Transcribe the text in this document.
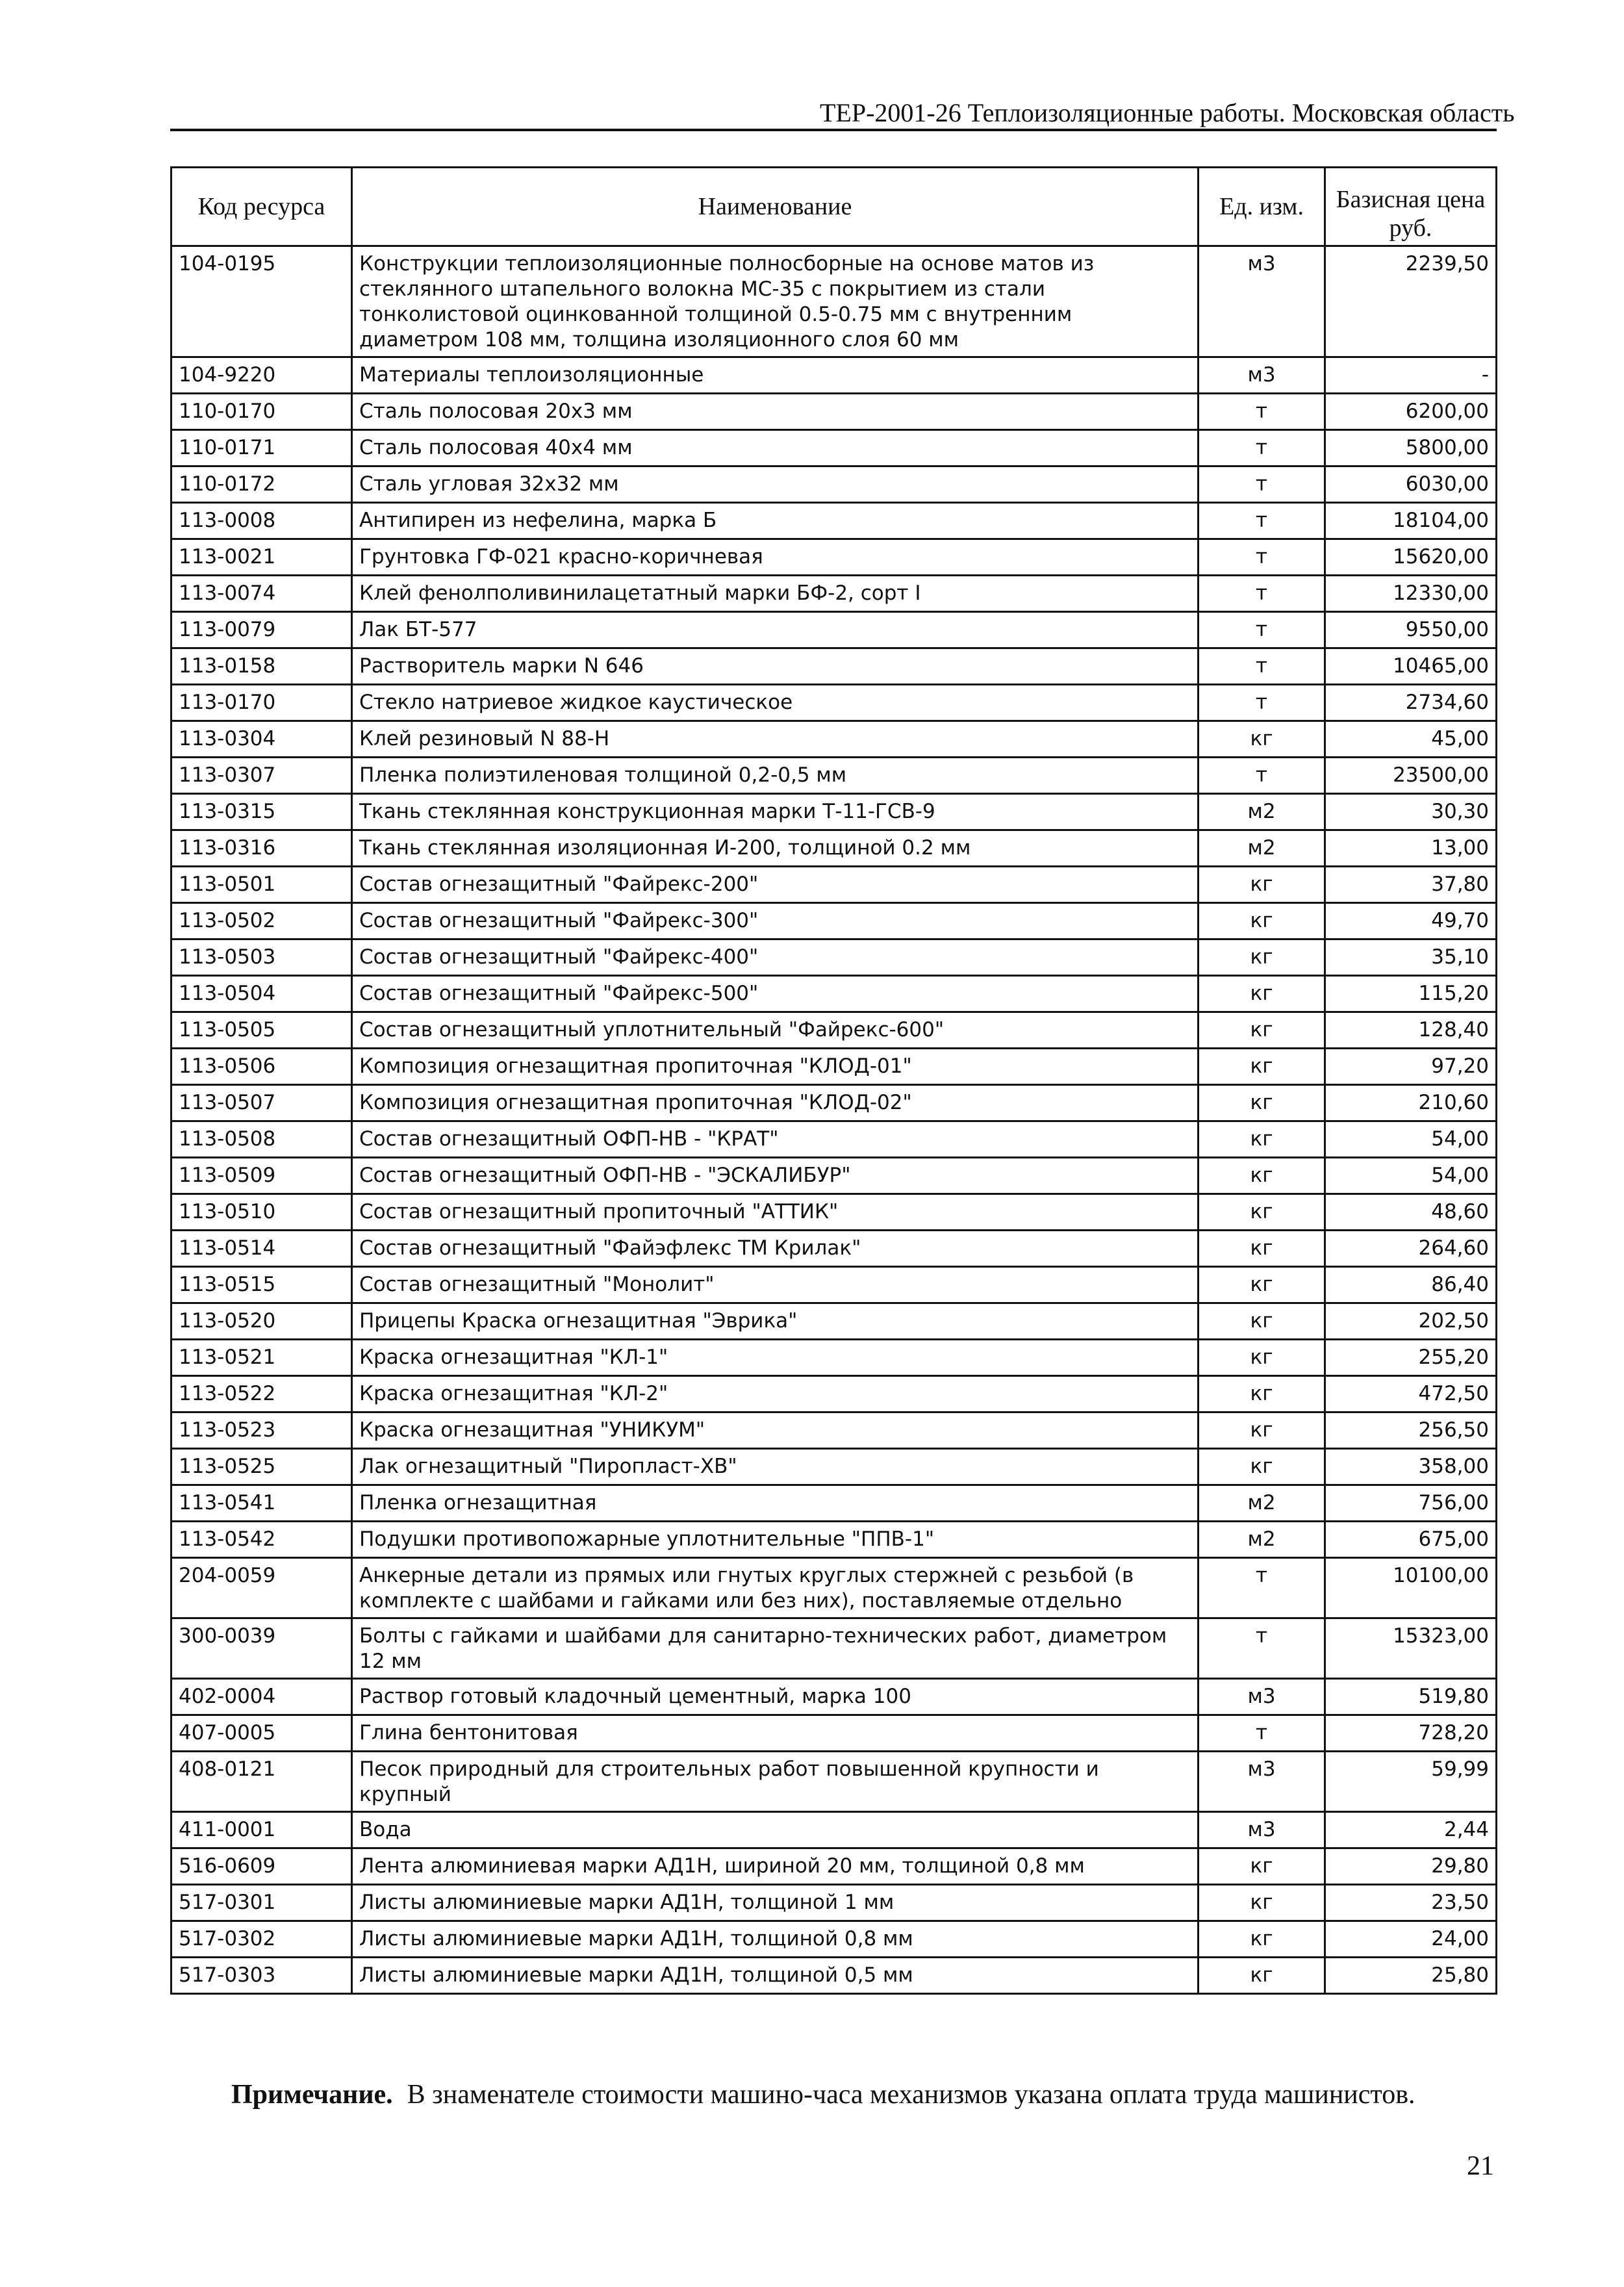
ТЕР-2001-26 Теплоизоляционные работы. Московская область
Код ресурса	Наименование	Ед. изм.	Базисная цена руб.
104-0195	Конструкции теплоизоляционные полносборные на основе матов из стеклянного штапельного волокна МС-35 с покрытием из стали тонколистовой оцинкованной толщиной 0.5-0.75 мм с внутренним диаметром 108 мм, толщина изоляционного слоя 60 мм	м3	2239,50
104-9220	Материалы теплоизоляционные	м3	-
110-0170	Сталь полосовая 20х3 мм	т	6200,00
110-0171	Сталь полосовая 40х4 мм	т	5800,00
110-0172	Сталь угловая 32х32 мм	т	6030,00
113-0008	Антипирен из нефелина, марка Б	т	18104,00
113-0021	Грунтовка ГФ-021 красно-коричневая	т	15620,00
113-0074	Клей фенолполивинилацетатный марки БФ-2, сорт I	т	12330,00
113-0079	Лак БТ-577	т	9550,00
113-0158	Растворитель марки N 646	т	10465,00
113-0170	Стекло натриевое жидкое каустическое	т	2734,60
113-0304	Клей резиновый N 88-Н	кг	45,00
113-0307	Пленка полиэтиленовая толщиной 0,2-0,5 мм	т	23500,00
113-0315	Ткань стеклянная конструкционная марки Т-11-ГСВ-9	м2	30,30
113-0316	Ткань стеклянная изоляционная И-200, толщиной 0.2 мм	м2	13,00
113-0501	Состав огнезащитный "Файрекс-200"	кг	37,80
113-0502	Состав огнезащитный "Файрекс-300"	кг	49,70
113-0503	Состав огнезащитный "Файрекс-400"	кг	35,10
113-0504	Состав огнезащитный "Файрекс-500"	кг	115,20
113-0505	Состав огнезащитный уплотнительный "Файрекс-600"	кг	128,40
113-0506	Композиция огнезащитная пропиточная "КЛОД-01"	кг	97,20
113-0507	Композиция огнезащитная пропиточная "КЛОД-02"	кг	210,60
113-0508	Состав огнезащитный ОФП-НВ - "КРАТ"	кг	54,00
113-0509	Состав огнезащитный ОФП-НВ - "ЭСКАЛИБУР"	кг	54,00
113-0510	Состав огнезащитный пропиточный "АТТИК"	кг	48,60
113-0514	Состав огнезащитный "Файэфлекс ТМ Крилак"	кг	264,60
113-0515	Состав огнезащитный "Монолит"	кг	86,40
113-0520	Прицепы Краска огнезащитная "Эврика"	кг	202,50
113-0521	Краска огнезащитная "КЛ-1"	кг	255,20
113-0522	Краска огнезащитная "КЛ-2"	кг	472,50
113-0523	Краска огнезащитная "УНИКУМ"	кг	256,50
113-0525	Лак огнезащитный "Пиропласт-ХВ"	кг	358,00
113-0541	Пленка огнезащитная	м2	756,00
113-0542	Подушки противопожарные уплотнительные "ППВ-1"	м2	675,00
204-0059	Анкерные детали из прямых или гнутых круглых стержней с резьбой (в комплекте с шайбами и гайками или без них), поставляемые отдельно	т	10100,00
300-0039	Болты с гайками и шайбами для санитарно-технических работ, диаметром 12 мм	т	15323,00
402-0004	Раствор готовый кладочный цементный, марка 100	м3	519,80
407-0005	Глина бентонитовая	т	728,20
408-0121	Песок природный для строительных работ повышенной крупности и крупный	м3	59,99
411-0001	Вода	м3	2,44
516-0609	Лента алюминиевая марки АД1Н, шириной 20 мм, толщиной 0,8 мм	кг	29,80
517-0301	Листы алюминиевые марки АД1Н, толщиной 1 мм	кг	23,50
517-0302	Листы алюминиевые марки АД1Н, толщиной 0,8 мм	кг	24,00
517-0303	Листы алюминиевые марки АД1Н, толщиной 0,5 мм	кг	25,80
Примечание. В знаменателе стоимости машино-часа механизмов указана оплата труда машинистов.
21
